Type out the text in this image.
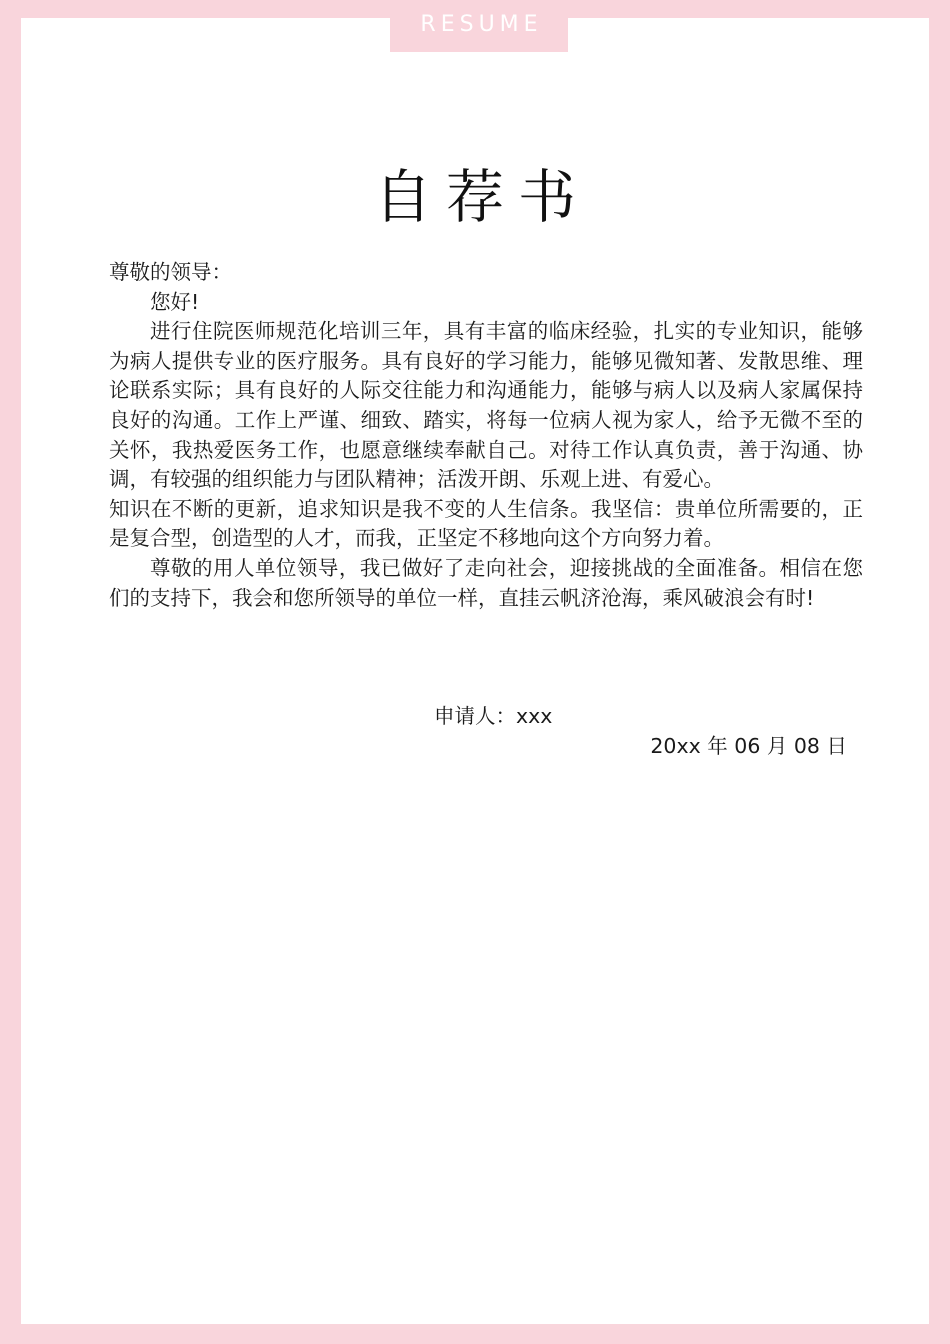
RESUME
自荐书

尊敬的领导：

您好!

进行住院医师规范化培训三年，具有丰富的临床经验，扎实的专业知识，能够为病人提供专业的医疗服务。具有良好的学习能力，能够见微知著、发散思维、理论联系实际；具有良好的人际交往能力和沟通能力，能够与病人以及病人家属保持良好的沟通。工作上严谨、细致、踏实，将每一位病人视为家人，给予无微不至的关怀，我热爱医务工作，也愿意继续奉献自己。对待工作认真负责，善于沟通、协调，有较强的组织能力与团队精神；活泼开朗、乐观上进、有爱心。

知识在不断的更新，追求知识是我不变的人生信条。我坚信：贵单位所需要的，正是复合型，创造型的人才，而我，正坚定不移地向这个方向努力着。

尊敬的用人单位领导，我已做好了走向社会，迎接挑战的全面准备。相信在您们的支持下，我会和您所领导的单位一样，直挂云帆济沧海，乘风破浪会有时!

申请人：xxx
20xx 年 06 月 08 日
